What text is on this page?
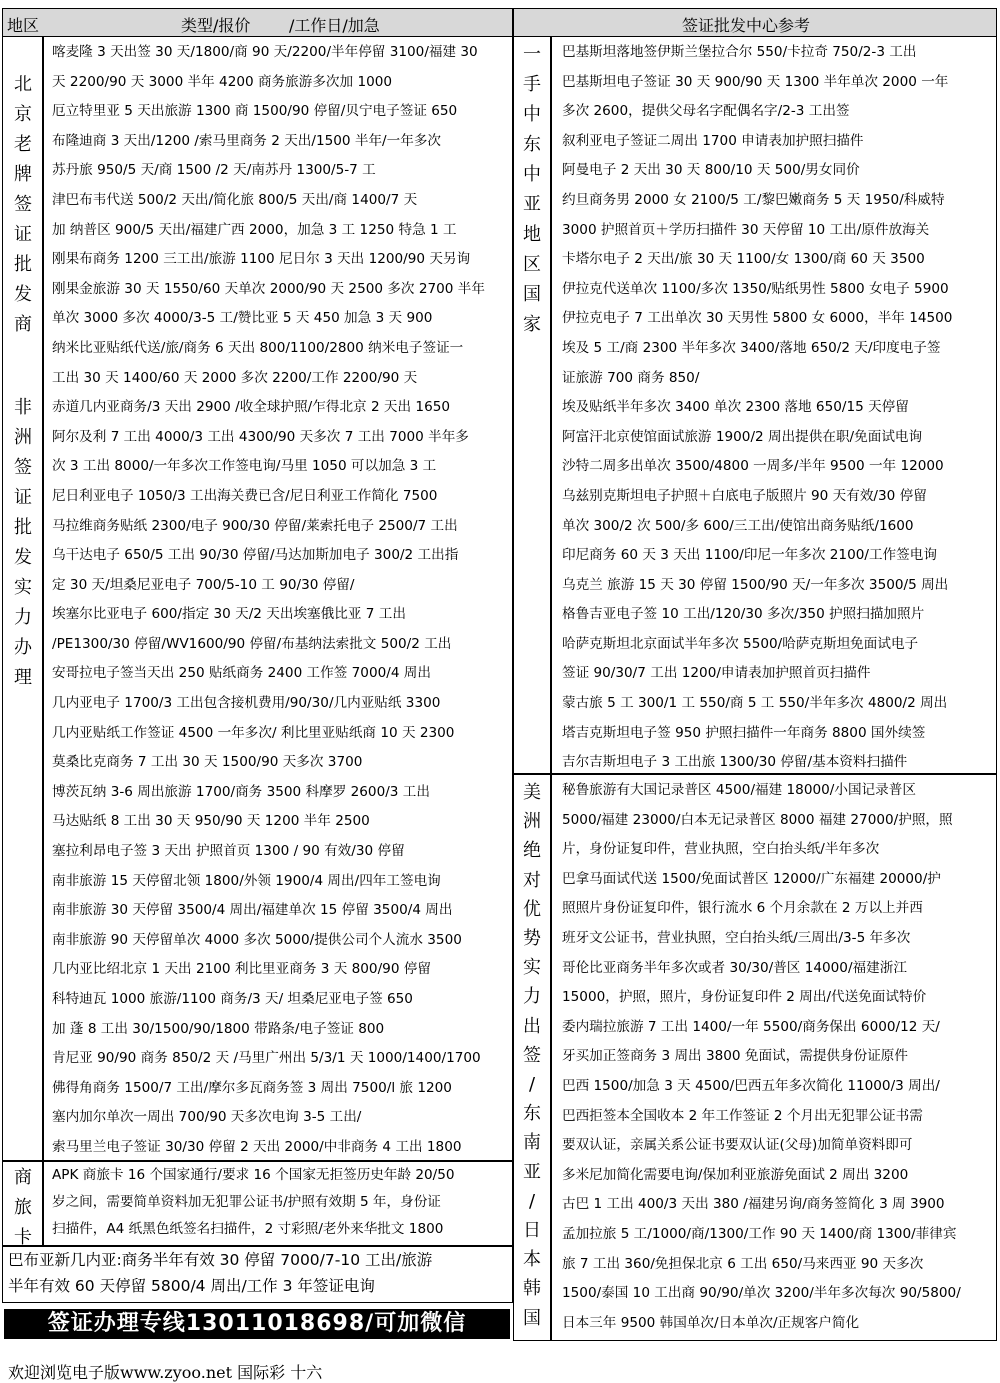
地区	类型/报价 /工作日/加急	签证批发中心参考
北
京
老
牌
签
证
批
发
商
非
洲
签
证
批
发
实
力
办
理
喀麦隆 3 天出签 30 天/1800/商 90 天/2200/半年停留 3100/福建 30
天 2200/90 天 3000 半年 4200 商务旅游多次加 1000
厄立特里亚 5 天出旅游 1300 商 1500/90 停留/贝宁电子签证 650
布隆迪商 3 天出/1200 /索马里商务 2 天出/1500 半年/一年多次
苏丹旅 950/5 天/商 1500 /2 天/南苏丹 1300/5-7 工
津巴布韦代送 500/2 天出/简化旅 800/5 天出/商 1400/7 天
加 纳普区 900/5 天出/福建广西 2000，加急 3 工 1250 特急 1 工
刚果布商务 1200 三工出/旅游 1100 尼日尔 3 天出 1200/90 天另询
刚果金旅游 30 天 1550/60 天单次 2000/90 天 2500 多次 2700 半年
单次 3000 多次 4000/3-5 工/赞比亚 5 天 450 加急 3 天 900
纳米比亚贴纸代送/旅/商务 6 天出 800/1100/2800 纳米电子签证一
工出 30 天 1400/60 天 2000 多次 2200/工作 2200/90 天
赤道几内亚商务/3 天出 2900 /收全球护照/乍得北京 2 天出 1650
阿尔及利 7 工出 4000/3 工出 4300/90 天多次 7 工出 7000 半年多
次 3 工出 8000/一年多次工作签电询/马里 1050 可以加急 3 工
尼日利亚电子 1050/3 工出海关费已含/尼日利亚工作简化 7500
马拉维商务贴纸 2300/电子 900/30 停留/莱索托电子 2500/7 工出
乌干达电子 650/5 工出 90/30 停留/马达加斯加电子 300/2 工出指
定 30 天/坦桑尼亚电子 700/5-10 工 90/30 停留/
埃塞尔比亚电子 600/指定 30 天/2 天出埃塞俄比亚 7 工出
/PE1300/30 停留/WV1600/90 停留/布基纳法索批文 500/2 工出
安哥拉电子签当天出 250 贴纸商务 2400 工作签 7000/4 周出
几内亚电子 1700/3 工出包含接机费用/90/30/几内亚贴纸 3300
几内亚贴纸工作签证 4500 一年多次/ 利比里亚贴纸商 10 天 2300
莫桑比克商务 7 工出 30 天 1500/90 天多次 3700
博茨瓦纳 3-6 周出旅游 1700/商务 3500 科摩罗 2600/3 工出
马达贴纸 8 工出 30 天 950/90 天 1200 半年 2500
塞拉利昂电子签 3 天出 护照首页 1300 / 90 有效/30 停留
南非旅游 15 天停留北领 1800/外领 1900/4 周出/四年工签电询
南非旅游 30 天停留 3500/4 周出/福建单次 15 停留 3500/4 周出
南非旅游 90 天停留单次 4000 多次 5000/提供公司个人流水 3500
几内亚比绍北京 1 天出 2100 利比里亚商务 3 天 800/90 停留
科特迪瓦 1000 旅游/1100 商务/3 天/ 坦桑尼亚电子签 650
加 蓬 8 工出 30/1500/90/1800 带路条/电子签证 800
肯尼亚 90/90 商务 850/2 天 /马里广州出 5/3/1 天 1000/1400/1700
佛得角商务 1500/7 工出/摩尔多瓦商务签 3 周出 7500/l 旅 1200
塞内加尔单次一周出 700/90 天多次电询 3-5 工出/
索马里兰电子签证 30/30 停留 2 天出 2000/中非商务 4 工出 1800
商
旅
卡
APK 商旅卡 16 个国家通行/要求 16 个国家无拒签历史年龄 20/50
岁之间，需要简单资料加无犯罪公证书/护照有效期 5 年，身份证
扫描件，A4 纸黑色纸签名扫描件，2 寸彩照/老外来华批文 1800
巴布亚新几内亚:商务半年有效 30 停留 7000/7-10 工出/旅游
半年有效 60 天停留 5800/4 周出/工作 3 年签证电询
签证办理专线13011018698/可加微信
一
手
中
东
中
亚
地
区
国
家
巴基斯坦落地签伊斯兰堡拉合尔 550/卡拉奇 750/2-3 工出
巴基斯坦电子签证 30 天 900/90 天 1300 半年单次 2000 一年
多次 2600，提供父母名字配偶名字/2-3 工出签
叙利亚电子签证二周出 1700 申请表加护照扫描件
阿曼电子 2 天出 30 天 800/10 天 500/男女同价
约旦商务男 2000 女 2100/5 工/黎巴嫩商务 5 天 1950/科威特
3000 护照首页＋学历扫描件 30 天停留 10 工出/原件放海关
卡塔尔电子 2 天出/旅 30 天 1100/女 1300/商 60 天 3500
伊拉克代送单次 1100/多次 1350/贴纸男性 5800 女电子 5900
伊拉克电子 7 工出单次 30 天男性 5800 女 6000，半年 14500
埃及 5 工/商 2300 半年多次 3400/落地 650/2 天/印度电子签
证旅游 700 商务 850/
埃及贴纸半年多次 3400 单次 2300 落地 650/15 天停留
阿富汗北京使馆面试旅游 1900/2 周出提供在职/免面试电询
沙特二周多出单次 3500/4800 一周多/半年 9500 一年 12000
乌兹别克斯坦电子护照＋白底电子版照片 90 天有效/30 停留
单次 300/2 次 500/多 600/三工出/使馆出商务贴纸/1600
印尼商务 60 天 3 天出 1100/印尼一年多次 2100/工作签电询
乌克兰 旅游 15 天 30 停留 1500/90 天/一年多次 3500/5 周出
格鲁吉亚电子签 10 工出/120/30 多次/350 护照扫描加照片
哈萨克斯坦北京面试半年多次 5500/哈萨克斯坦免面试电子
签证 90/30/7 工出 1200/申请表加护照首页扫描件
蒙古旅 5 工 300/1 工 550/商 5 工 550/半年多次 4800/2 周出
塔吉克斯坦电子签 950 护照扫描件一年商务 8800 国外续签
吉尔吉斯坦电子 3 工出旅 1300/30 停留/基本资料扫描件
美
洲
绝
对
优
势
实
力
出
签
/
东
南
亚
/
日
本
韩
国
秘鲁旅游有大国记录普区 4500/福建 18000/小国记录普区
5000/福建 23000/白本无记录普区 8000 福建 27000/护照，照
片，身份证复印件，营业执照，空白抬头纸/半年多次
巴拿马面试代送 1500/免面试普区 12000/广东福建 20000/护
照照片身份证复印件，银行流水 6 个月余款在 2 万以上并西
班牙文公证书，营业执照，空白抬头纸/三周出/3-5 年多次
哥伦比亚商务半年多次或者 30/30/普区 14000/福建浙江
15000，护照，照片，身份证复印件 2 周出/代送免面试特价
委内瑞拉旅游 7 工出 1400/一年 5500/商务保出 6000/12 天/
牙买加正签商务 3 周出 3800 免面试，需提供身份证原件
巴西 1500/加急 3 天 4500/巴西五年多次简化 11000/3 周出/
巴西拒签本全国收本 2 年工作签证 2 个月出无犯罪公证书需
要双认证，亲属关系公证书要双认证(父母)加简单资料即可
多米尼加简化需要电询/保加利亚旅游免面试 2 周出 3200
古巴 1 工出 400/3 天出 380 /福建另询/商务签简化 3 周 3900
孟加拉旅 5 工/1000/商/1300/工作 90 天 1400/商 1300/菲律宾
旅 7 工出 360/免担保北京 6 工出 650/马来西亚 90 天多次
1500/泰国 10 工出商 90/90/单次 3200/半年多次每次 90/5800/
日本三年 9500 韩国单次/日本单次/正规客户简化
欢迎浏览电子版www.zyoo.net 国际彩 十六
